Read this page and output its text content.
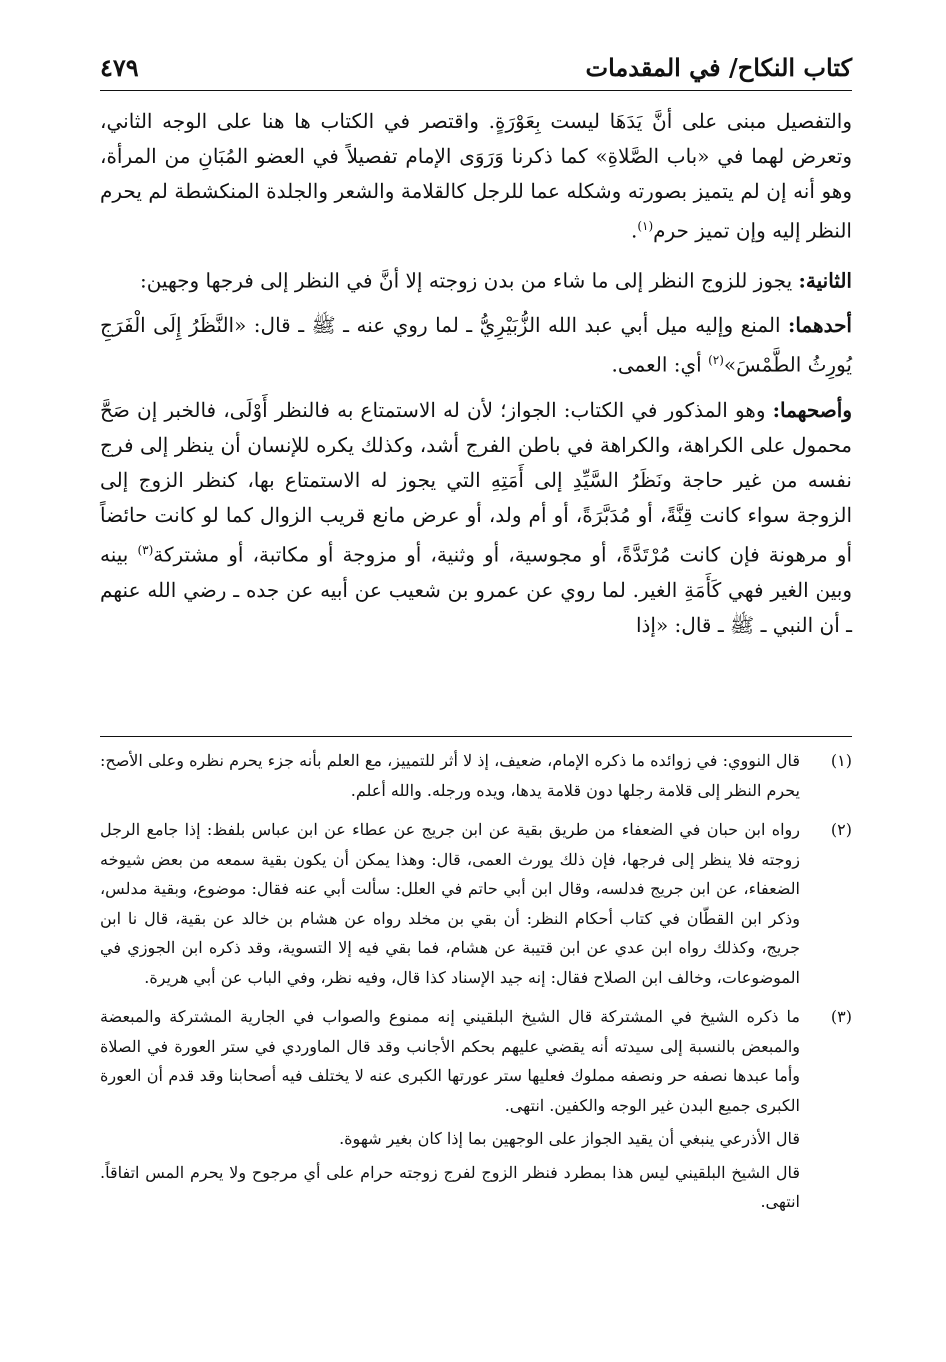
كتاب النكاح/ في المقدمات
٤٧٩

والتفصيل مبنى على أنَّ يَدَهَا ليست بِعَوْرَةٍ. واقتصر في الكتاب ها هنا على الوجه الثاني، وتعرض لهما في «باب الصَّلاةِ» كما ذكرنا وَرَوَى الإمام تفصيلاً في العضو المُبَانِ من المرأة، وهو أنه إن لم يتميز بصورته وشكله عما للرجل كالقلامة والشعر والجلدة المنكشطة لم يحرم النظر إليه وإن تميز حرم$^{(١)}$.

الثانية: يجوز للزوج النظر إلى ما شاء من بدن زوجته إلا أنَّ في النظر إلى فرجها وجهين:

أحدهما: المنع وإليه ميل أبي عبد الله الزُّبَيْرِيُّ ـ لما روي عنه ـ ﷺ ـ قال: «النَّظَرُ إِلَى الْفَرَجِ يُورِثُ الطَّمْسَ»$^{(٢)}$ أي: العمى.

وأصحهما: وهو المذكور في الكتاب: الجواز؛ لأن له الاستمتاع به فالنظر أَوْلَى، فالخبر إن صَحَّ محمول على الكراهة، والكراهة في باطن الفرج أشد، وكذلك يكره للإنسان أن ينظر إلى فرج نفسه من غير حاجة ونَظَرُ السَّيِّدِ إلى أَمَتِهِ التي يجوز له الاستمتاع بها، كنظر الزوج إلى الزوجة سواء كانت قِنَّةً، أو مُدَبَّرَةً، أو أم ولد، أو عرض مانع قريب الزوال كما لو كانت حائضاً أو مرهونة فإن كانت مُرْتَدَّةً، أو مجوسية، أو وثنية، أو مزوجة أو مكاتبة، أو مشتركة$^{(٣)}$ بينه وبين الغير فهي كَأَمَةِ الغير. لما روي عن عمرو بن شعيب عن أبيه عن جده ـ رضي الله عنهم ـ أن النبي ـ ﷺ ـ قال: «إذا

(١)

قال النووي: في زوائده ما ذكره الإمام، ضعيف، إذ لا أثر للتمييز، مع العلم بأنه جزء يحرم نظره وعلى الأصح: يحرم النظر إلى قلامة رجلها دون قلامة يدها، ويده ورجله. والله أعلم.

(٢)

رواه ابن حبان في الضعفاء من طريق بقية عن ابن جريج عن عطاء عن ابن عباس بلفظ: إذا جامع الرجل زوجته فلا ينظر إلى فرجها، فإن ذلك يورث العمى، قال: وهذا يمكن أن يكون بقية سمعه من بعض شيوخه الضعفاء، عن ابن جريج فدلسه، وقال ابن أبي حاتم في العلل: سألت أبي عنه فقال: موضوع، وبقية مدلس، وذكر ابن القطّان في كتاب أحكام النظر: أن بقي بن مخلد رواه عن هشام بن خالد عن بقية، قال نا ابن جريج، وكذلك رواه ابن عدي عن ابن قتيبة عن هشام، فما بقي فيه إلا التسوية، وقد ذكره ابن الجوزي في الموضوعات، وخالف ابن الصلاح فقال: إنه جيد الإسناد كذا قال، وفيه نظر، وفي الباب عن أبي هريرة.

(٣)

ما ذكره الشيخ في المشتركة قال الشيخ البلقيني إنه ممنوع والصواب في الجارية المشتركة والمبعضة والمبعض بالنسبة إلى سيدته أنه يقضي عليهم بحكم الأجانب وقد قال الماوردي في ستر العورة في الصلاة وأما عبدها نصفه حر ونصفه مملوك فعليها ستر عورتها الكبرى عنه لا يختلف فيه أصحابنا وقد قدم أن العورة الكبرى جميع البدن غير الوجه والكفين. انتهى.

قال الأذرعي ينبغي أن يقيد الجواز على الوجهين بما إذا كان بغير شهوة.

قال الشيخ البلقيني ليس هذا بمطرد فنظر الزوج لفرج زوجته حرام على أي مرجوح ولا يحرم المس اتفاقاً. انتهى.
